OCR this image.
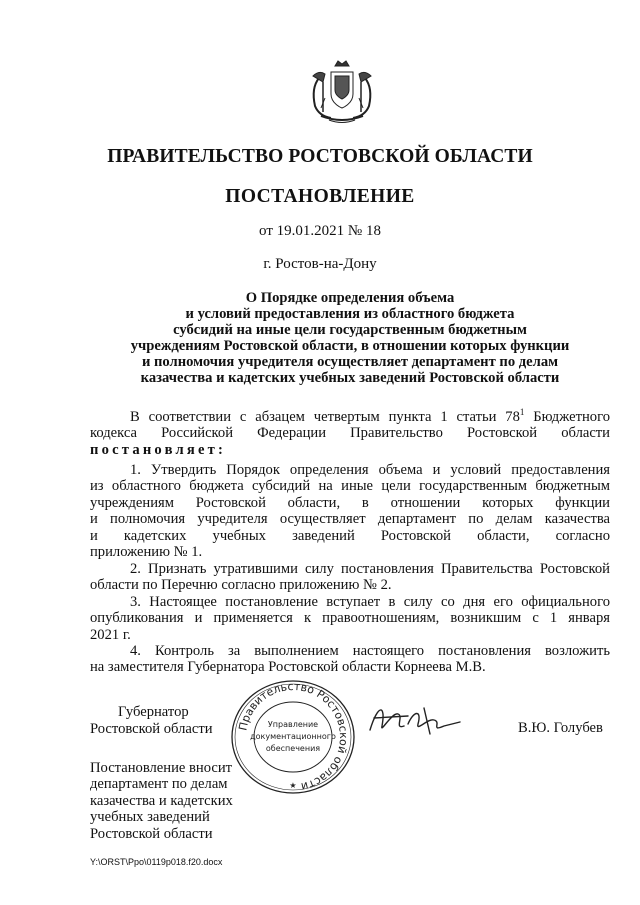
ПРАВИТЕЛЬСТВО РОСТОВСКОЙ ОБЛАСТИ
ПОСТАНОВЛЕНИЕ
от 19.01.2021 № 18
г. Ростов-на-Дону
О Порядке определения объема
и условий предоставления из областного бюджета
субсидий на иные цели государственным бюджетным
учреждениям Ростовской области, в отношении которых функции
и полномочия учредителя осуществляет департамент по делам
казачества и кадетских учебных заведений Ростовской области
В соответствии с абзацем четвертым пункта 1 статьи $78^1$ Бюджетного
кодекса Российской Федерации Правительство Ростовской области
постановляет:
1. Утвердить Порядок определения объема и условий предоставления
из областного бюджета субсидий на иные цели государственным бюджетным
учреждениям Ростовской области, в отношении которых функции
и полномочия учредителя осуществляет департамент по делам казачества
и кадетских учебных заведений Ростовской области, согласно
приложению № 1.
2. Признать утратившими силу постановления Правительства Ростовской
области по Перечню согласно приложению № 2.
3. Настоящее постановление вступает в силу со дня его официального
опубликования и применяется к правоотношениям, возникшим с 1 января
2021 г.
4. Контроль за выполнением настоящего постановления возложить
на заместителя Губернатора Ростовской области Корнеева М.В.
Губернатор
Ростовской области Правительство Ростовской области
Управление
документационного
обеспечения
★
В.Ю. Голубев
Постановление вносит
департамент по делам
казачества и кадетских
учебных заведений
Ростовской области
Y:\ORST\Ppo\0119p018.f20.docx
